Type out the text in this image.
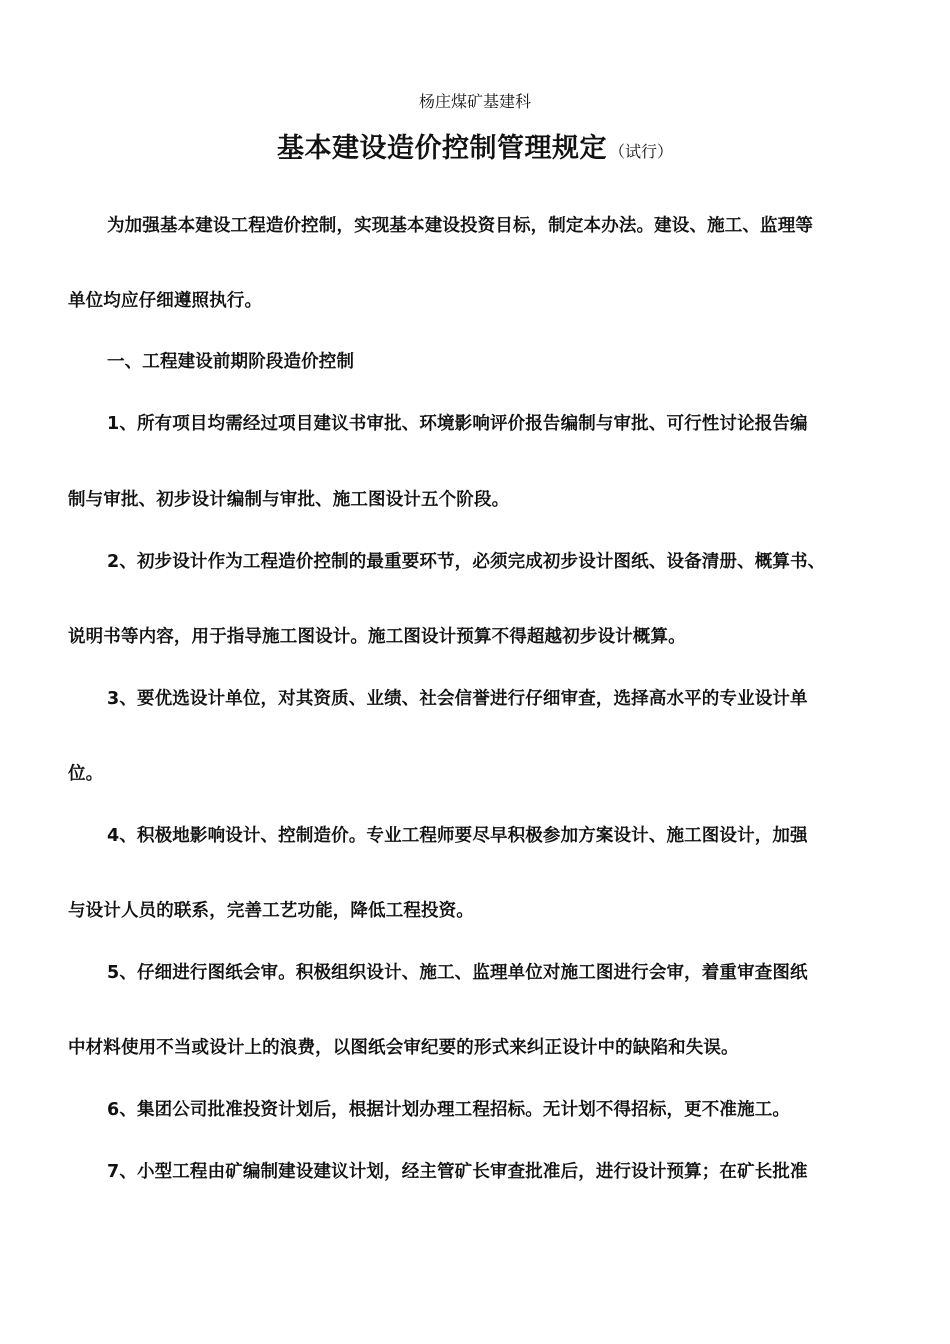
杨庄煤矿基建科
基本建设造价控制管理规定 （试行）
为加强基本建设工程造价控制，实现基本建设投资目标，制定本办法。建设、施工、监理等
单位均应仔细遵照执行。
一、工程建设前期阶段造价控制
1、所有项目均需经过项目建议书审批、环境影响评价报告编制与审批、可行性讨论报告编
制与审批、初步设计编制与审批、施工图设计五个阶段。
2、初步设计作为工程造价控制的最重要环节，必须完成初步设计图纸、设备清册、概算书、
说明书等内容，用于指导施工图设计。施工图设计预算不得超越初步设计概算。
3、要优选设计单位，对其资质、业绩、社会信誉进行仔细审查，选择高水平的专业设计单
位。
4、积极地影响设计、控制造价。专业工程师要尽早积极参加方案设计、施工图设计，加强
与设计人员的联系，完善工艺功能，降低工程投资。
5、仔细进行图纸会审。积极组织设计、施工、监理单位对施工图进行会审，着重审查图纸
中材料使用不当或设计上的浪费，以图纸会审纪要的形式来纠正设计中的缺陷和失误。
6、集团公司批准投资计划后，根据计划办理工程招标。无计划不得招标，更不准施工。
7、小型工程由矿编制建设建议计划，经主管矿长审查批准后，进行设计预算；在矿长批准
